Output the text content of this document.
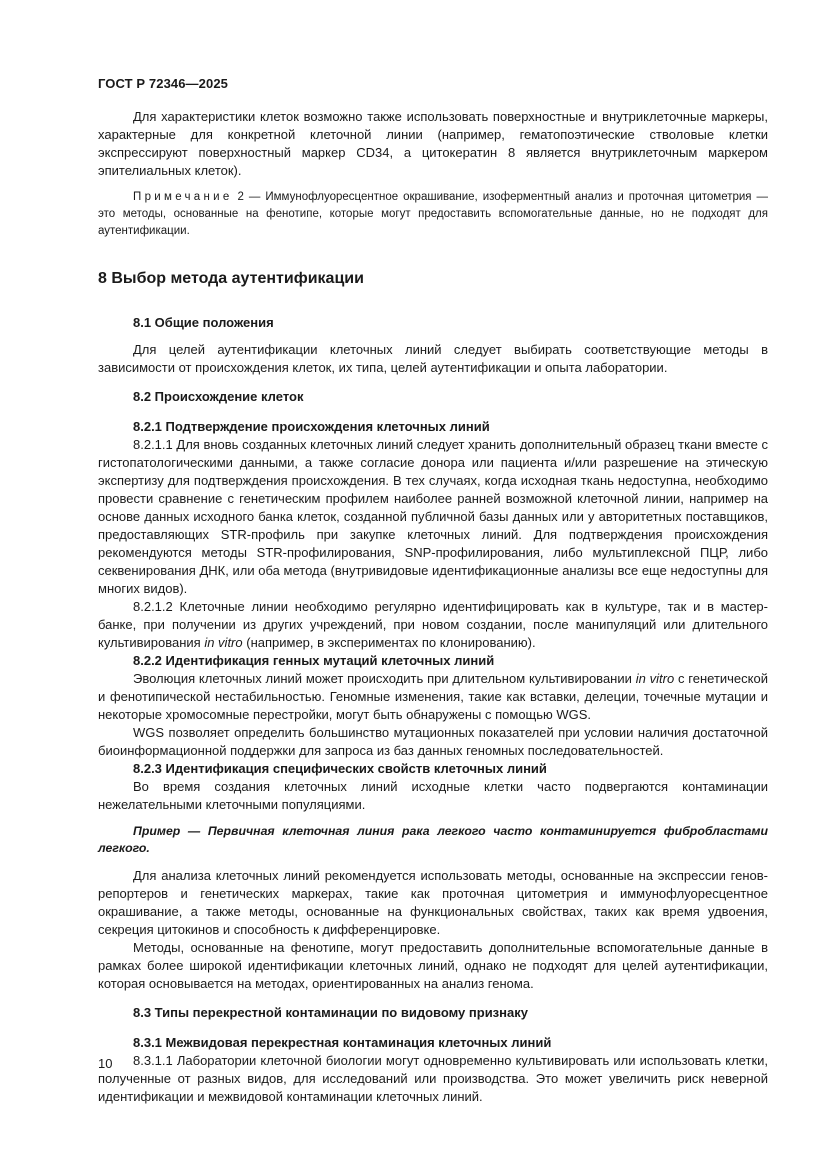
ГОСТ Р 72346—2025

Для характеристики клеток возможно также использовать поверхностные и внутриклеточные маркеры, характерные для конкретной клеточной линии (например, гематопоэтические стволовые клетки экспрессируют поверхностный маркер CD34, а цитокератин 8 является внутриклеточным маркером эпителиальных клеток).

Примечание 2 — Иммунофлуоресцентное окрашивание, изоферментный анализ и проточная цитометрия — это методы, основанные на фенотипе, которые могут предоставить вспомогательные данные, но не подходят для аутентификации.

8 Выбор метода аутентификации
8.1 Общие положения

Для целей аутентификации клеточных линий следует выбирать соответствующие методы в зависимости от происхождения клеток, их типа, целей аутентификации и опыта лаборатории.

8.2 Происхождение клеток
8.2.1 Подтверждение происхождения клеточных линий

8.2.1.1 Для вновь созданных клеточных линий следует хранить дополнительный образец ткани вместе с гистопатологическими данными, а также согласие донора или пациента и/или разрешение на этическую экспертизу для подтверждения происхождения. В тех случаях, когда исходная ткань недоступна, необходимо провести сравнение с генетическим профилем наиболее ранней возможной клеточной линии, например на основе данных исходного банка клеток, созданной публичной базы данных или у авторитетных поставщиков, предоставляющих STR-профиль при закупке клеточных линий. Для подтверждения происхождения рекомендуются методы STR-профилирования, SNP-профилирования, либо мультиплексной ПЦР, либо секвенирования ДНК, или оба метода (внутривидовые идентификационные анализы все еще недоступны для многих видов).

8.2.1.2 Клеточные линии необходимо регулярно идентифицировать как в культуре, так и в мастер-банке, при получении из других учреждений, при новом создании, после манипуляций или длительного культивирования in vitro (например, в экспериментах по клонированию).

8.2.2 Идентификация генных мутаций клеточных линий

Эволюция клеточных линий может происходить при длительном культивировании in vitro с генетической и фенотипической нестабильностью. Геномные изменения, такие как вставки, делеции, точечные мутации и некоторые хромосомные перестройки, могут быть обнаружены с помощью WGS.

WGS позволяет определить большинство мутационных показателей при условии наличия достаточной биоинформационной поддержки для запроса из баз данных геномных последовательностей.

8.2.3 Идентификация специфических свойств клеточных линий

Во время создания клеточных линий исходные клетки часто подвергаются контаминации нежелательными клеточными популяциями.

Пример — Первичная клеточная линия рака легкого часто контаминируется фибробластами легкого.

Для анализа клеточных линий рекомендуется использовать методы, основанные на экспрессии генов-репортеров и генетических маркерах, такие как проточная цитометрия и иммунофлуоресцентное окрашивание, а также методы, основанные на функциональных свойствах, таких как время удвоения, секреция цитокинов и способность к дифференцировке.

Методы, основанные на фенотипе, могут предоставить дополнительные вспомогательные данные в рамках более широкой идентификации клеточных линий, однако не подходят для целей аутентификации, которая основывается на методах, ориентированных на анализ генома.

8.3 Типы перекрестной контаминации по видовому признаку
8.3.1 Межвидовая перекрестная контаминация клеточных линий

8.3.1.1 Лаборатории клеточной биологии могут одновременно культивировать или использовать клетки, полученные от разных видов, для исследований или производства. Это может увеличить риск неверной идентификации и межвидовой контаминации клеточных линий.

10
